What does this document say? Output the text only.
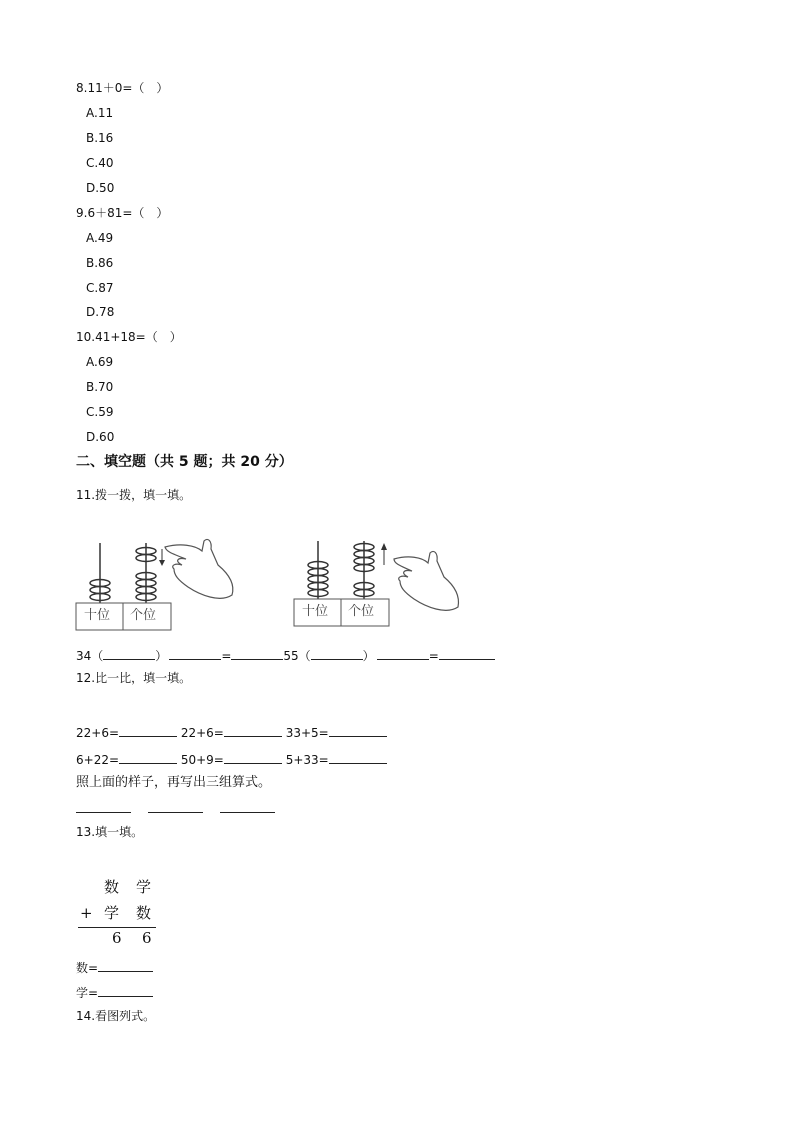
8.11＋0=（　）
A.11
B.16
C.40
D.50
9.6＋81=（　）
A.49
B.86
C.87
D.78
10.41+18=（　）
A.69
B.70
C.59
D.60
二、填空题（共 5 题；共 20 分）
11.拨一拨，填一填。
十位 个位	十位 个位
34（	）	=	55（	）	=
12.比一比，填一填。
22+6=	22+6=	33+5=
6+22=	50+9=	5+33=
照上面的样子，再写出三组算式。
13.填一填。
数 学
+ 学 数
6 6
数=
学=
14.看图列式。
